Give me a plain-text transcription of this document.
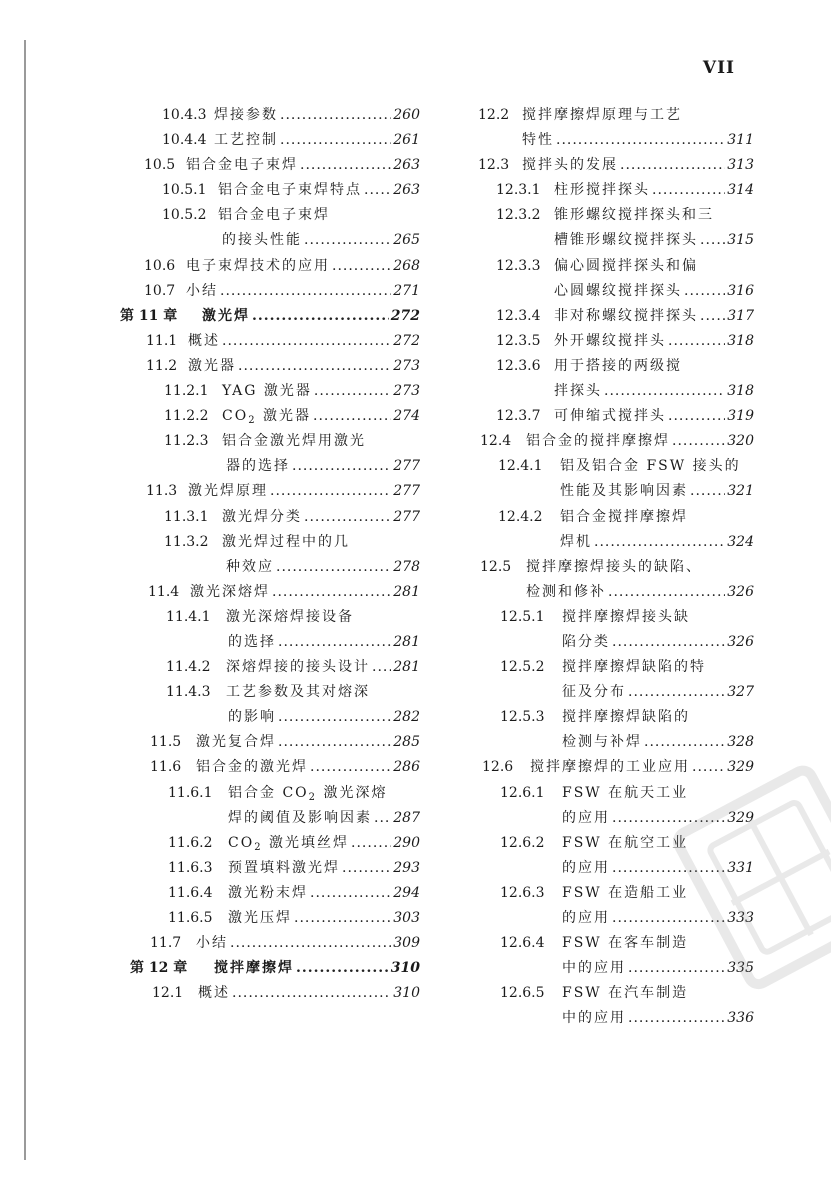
VII
10.4.3 焊接参数 .....	260
10.4.4 工艺控制 .....	261
10.5 铝合金电子束焊 .....	263
10.5.1 铝合金电子束焊特点 ..... 263
10.5.2 铝合金电子束焊
的接头性能 .....	265
10.6 电子束焊技术的应用 .....	268
10.7 小结 .....	271
第 11 章	激光焊 .....	272
11.1 概述 .....	272
11.2 激光器 .....	273
11.2.1 YAG 激光器 .....	273
11.2.2 $CO_2$ 激光器 .....	274
11.2.3 铝合金激光焊用激光
器的选择 .....	277
11.3 激光焊原理 .....	277
11.3.1 激光焊分类 .....	277
11.3.2 激光焊过程中的几
种效应 .....	278
11.4 激光深熔焊 .....	281
11.4.1	激光深熔焊接设备
的选择 .....	281
11.4.2	深熔焊接的接头设计 ..... 281
11.4.3	工艺参数及其对熔深
的影响 .....	282
11.5	激光复合焊 .....	285
11.6	铝合金的激光焊 .....	286
11.6.1	铝合金 $CO_2$ 激光深熔
焊的阈值及影响因素 ..... 287
11.6.2	$CO_2$ 激光填丝焊 .....	290
11.6.3	预置填料激光焊 .....	293
11.6.4	激光粉末焊 .....	294
11.6.5	激光压焊 .....	303
11.7	小结 .....	309
第 12 章	搅拌摩擦焊 .....	310
12.1	概述 .....	310
12.2 搅拌摩擦焊原理与工艺
特性 .....	311
12.3 搅拌头的发展 .....	313
12.3.1 柱形搅拌探头 .....	314
12.3.2 锥形螺纹搅拌探头和三
槽锥形螺纹搅拌探头 ..... 315
12.3.3 偏心圆搅拌探头和偏
心圆螺纹搅拌探头 .....	316
12.3.4 非对称螺纹搅拌探头 ..... 317
12.3.5 外开螺纹搅拌头 .....	318
12.3.6 用于搭接的两级搅
拌探头 .....	318
12.3.7 可伸缩式搅拌头 .....	319
12.4	铝合金的搅拌摩擦焊 .....	320
12.4.1	铝及铝合金 FSW 接头的
性能及其影响因素 .....	321
12.4.2	铝合金搅拌摩擦焊
焊机 .....	324
12.5	搅拌摩擦焊接头的缺陷、
检测和修补 .....	326
12.5.1	搅拌摩擦焊接头缺
陷分类 .....	326
12.5.2	搅拌摩擦焊缺陷的特
征及分布 .....	327
12.5.3	搅拌摩擦焊缺陷的
检测与补焊 .....	328
12.6	搅拌摩擦焊的工业应用 .....	329
12.6.1	FSW 在航天工业
的应用 .....	329
12.6.2	FSW 在航空工业
的应用 .....	331
12.6.3	FSW 在造船工业
的应用 .....	333
12.6.4	FSW 在客车制造
中的应用 .....	335
12.6.5	FSW 在汽车制造
中的应用 .....	336
